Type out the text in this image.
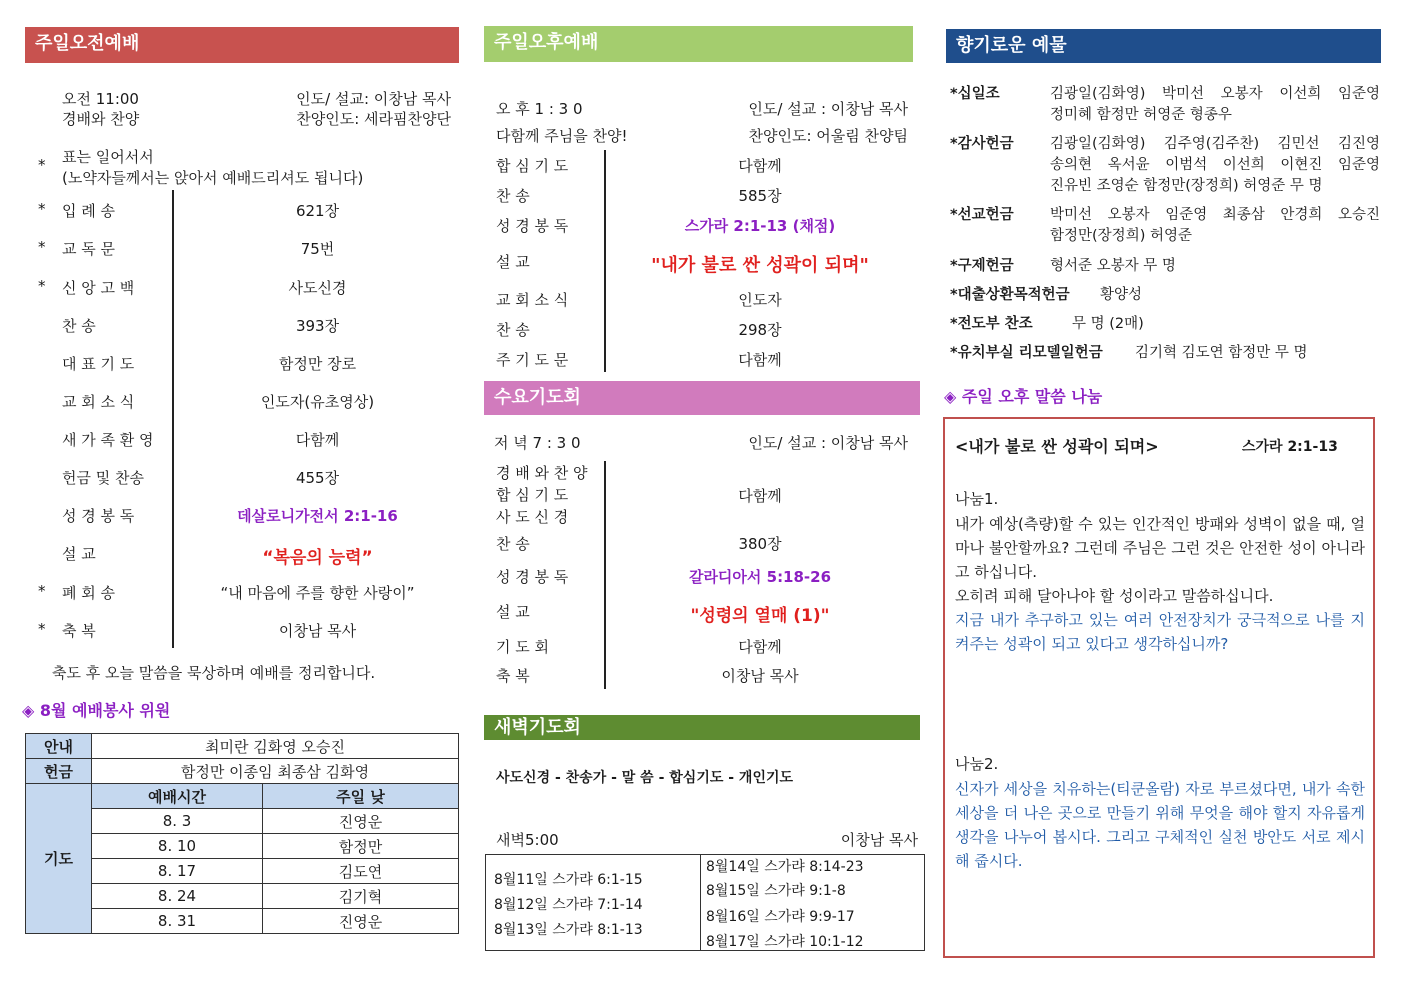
주일오전예배
오전 11:00	인도/ 설교: 이창남 목사
경배와 찬양	찬양인도: 세라핌찬양단
* 표는 일어서서
(노약자들께서는 앉아서 예배드리셔도 됩니다)
* 입 례 송	621장
* 교 독 문	75번
* 신 앙 고 백	사도신경
찬 송	393장
대 표 기 도	함정만 장로
교 회 소 식	인도자(유초영상)
새 가 족 환 영	다함께
헌금 및 찬송	455장
성 경 봉 독	데살로니가전서 2:1-16
설 교	“복음의 능력”
* 폐 회 송	“내 마음에 주를 향한 사랑이”
* 축 복	이창남 목사
축도 후 오늘 말씀을 묵상하며 예배를 정리합니다.
◈ 8월 예배봉사 위원
안내	최미란 김화영 오승진	
헌금	함정만 이종임 최종삼 김화영	
기도	예배시간	주일 낮
	8. 3	진영운
	8. 10	함정만
	8. 17	김도연
	8. 24	김기혁
	8. 31	진영운
주일오후예배
오 후 1 : 3 0	인도/ 설교 : 이창남 목사
다함께 주님을 찬양!	찬양인도: 어울림 찬양팀
합 심 기 도	다함께
찬 송	585장
성 경 봉 독	스가라 2:1-13 (채점)
설 교	"내가 불로 싼 성곽이 되며"
교 회 소 식	인도자
찬 송	298장
주 기 도 문	다함께
수요기도회
저 녁 7 : 3 0	인도/ 설교 : 이창남 목사
경 배 와 찬 양
합 심 기 도
사 도 신 경
다함께
찬 송	380장
성 경 봉 독	갈라디아서 5:18-26
설 교	"성령의 열매 (1)"
기 도 회	다함께
축 복	이창남 목사
새벽기도회
사도신경 - 찬송가 - 말 씀 - 합심기도 - 개인기도
새벽5:00	이창남 목사
8월11일 스가랴 6:1-15
8월12일 스가랴 7:1-14
8월13일 스가랴 8:1-13
8월14일 스가랴 8:14-23
8월15일 스가랴 9:1-8
8월16일 스가랴 9:9-17
8월17일 스가랴 10:1-12
향기로운 예물
*십일조	김광일(김화영) 박미선 오봉자 이선희 임준영
정미혜 함정만 허영준 형종우
*감사헌금	김광일(김화영) 김주영(김주찬) 김민선 김진영
송의현 옥서윤 이범석 이선희 이현진 임준영
진유빈 조영순 함정만(장정희) 허영준 무 명
*선교헌금	박미선 오봉자 임준영 최종삼 안경희 오승진
함정만(장정희) 허영준
*구제헌금	형서준 오봉자 무 명
*대출상환목적헌금 황양성
*전도부 찬조	무 명 (2매)
*유치부실 리모델일헌금 김기혁 김도연 함정만 무 명
◈ 주일 오후 말씀 나눔
<내가 불로 싼 성곽이 되며>	스가라 2:1-13
나눔1.
내가 예상(측량)할 수 있는 인간적인 방패와 성벽이 없을 때, 얼마나 불안할까요? 그런데 주님은 그런 것은 안전한 성이 아니라고 하십니다.
오히려 피해 달아나야 할 성이라고 말씀하십니다.
지금 내가 추구하고 있는 여러 안전장치가 궁극적으로 나를 지켜주는 성곽이 되고 있다고 생각하십니까?
나눔2.
신자가 세상을 치유하는(티쿤올람) 자로 부르셨다면, 내가 속한 세상을 더 나은 곳으로 만들기 위해 무엇을 해야 할지 자유롭게 생각을 나누어 봅시다. 그리고 구체적인 실천 방안도 서로 제시해 줍시다.
